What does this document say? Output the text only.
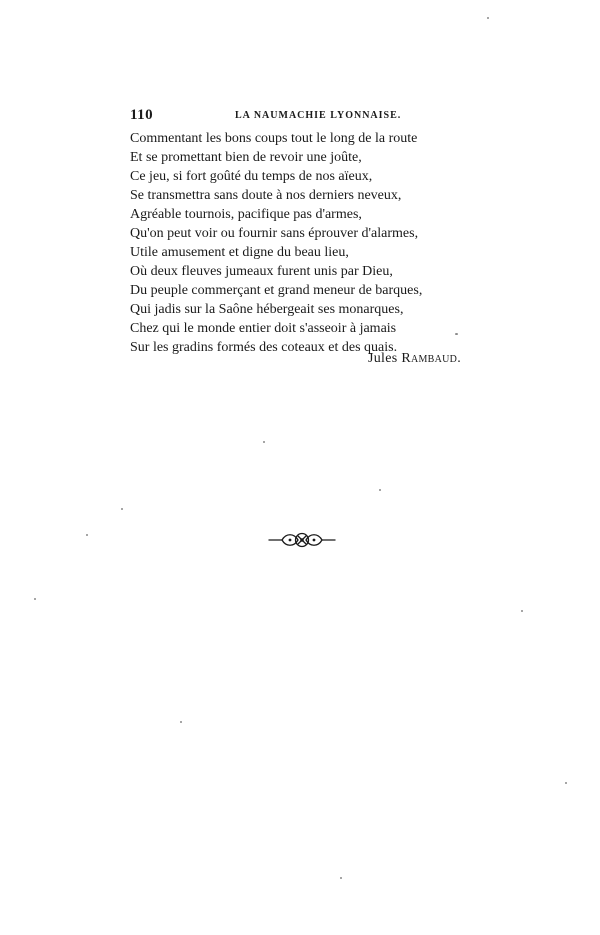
110	LA NAUMACHIE LYONNAISE.
Commentant les bons coups tout le long de la route
Et se promettant bien de revoir une joûte,
Ce jeu, si fort goûté du temps de nos aïeux,
Se transmettra sans doute à nos derniers neveux,
Agréable tournois, pacifique pas d'armes,
Qu'on peut voir ou fournir sans éprouver d'alarmes,
Utile amusement et digne du beau lieu,
Où deux fleuves jumeaux furent unis par Dieu,
Du peuple commerçant et grand meneur de barques,
Qui jadis sur la Saône hébergeait ses monarques,
Chez qui le monde entier doit s'asseoir à jamais
Sur les gradins formés des coteaux et des quais.
Jules Rambaud.
